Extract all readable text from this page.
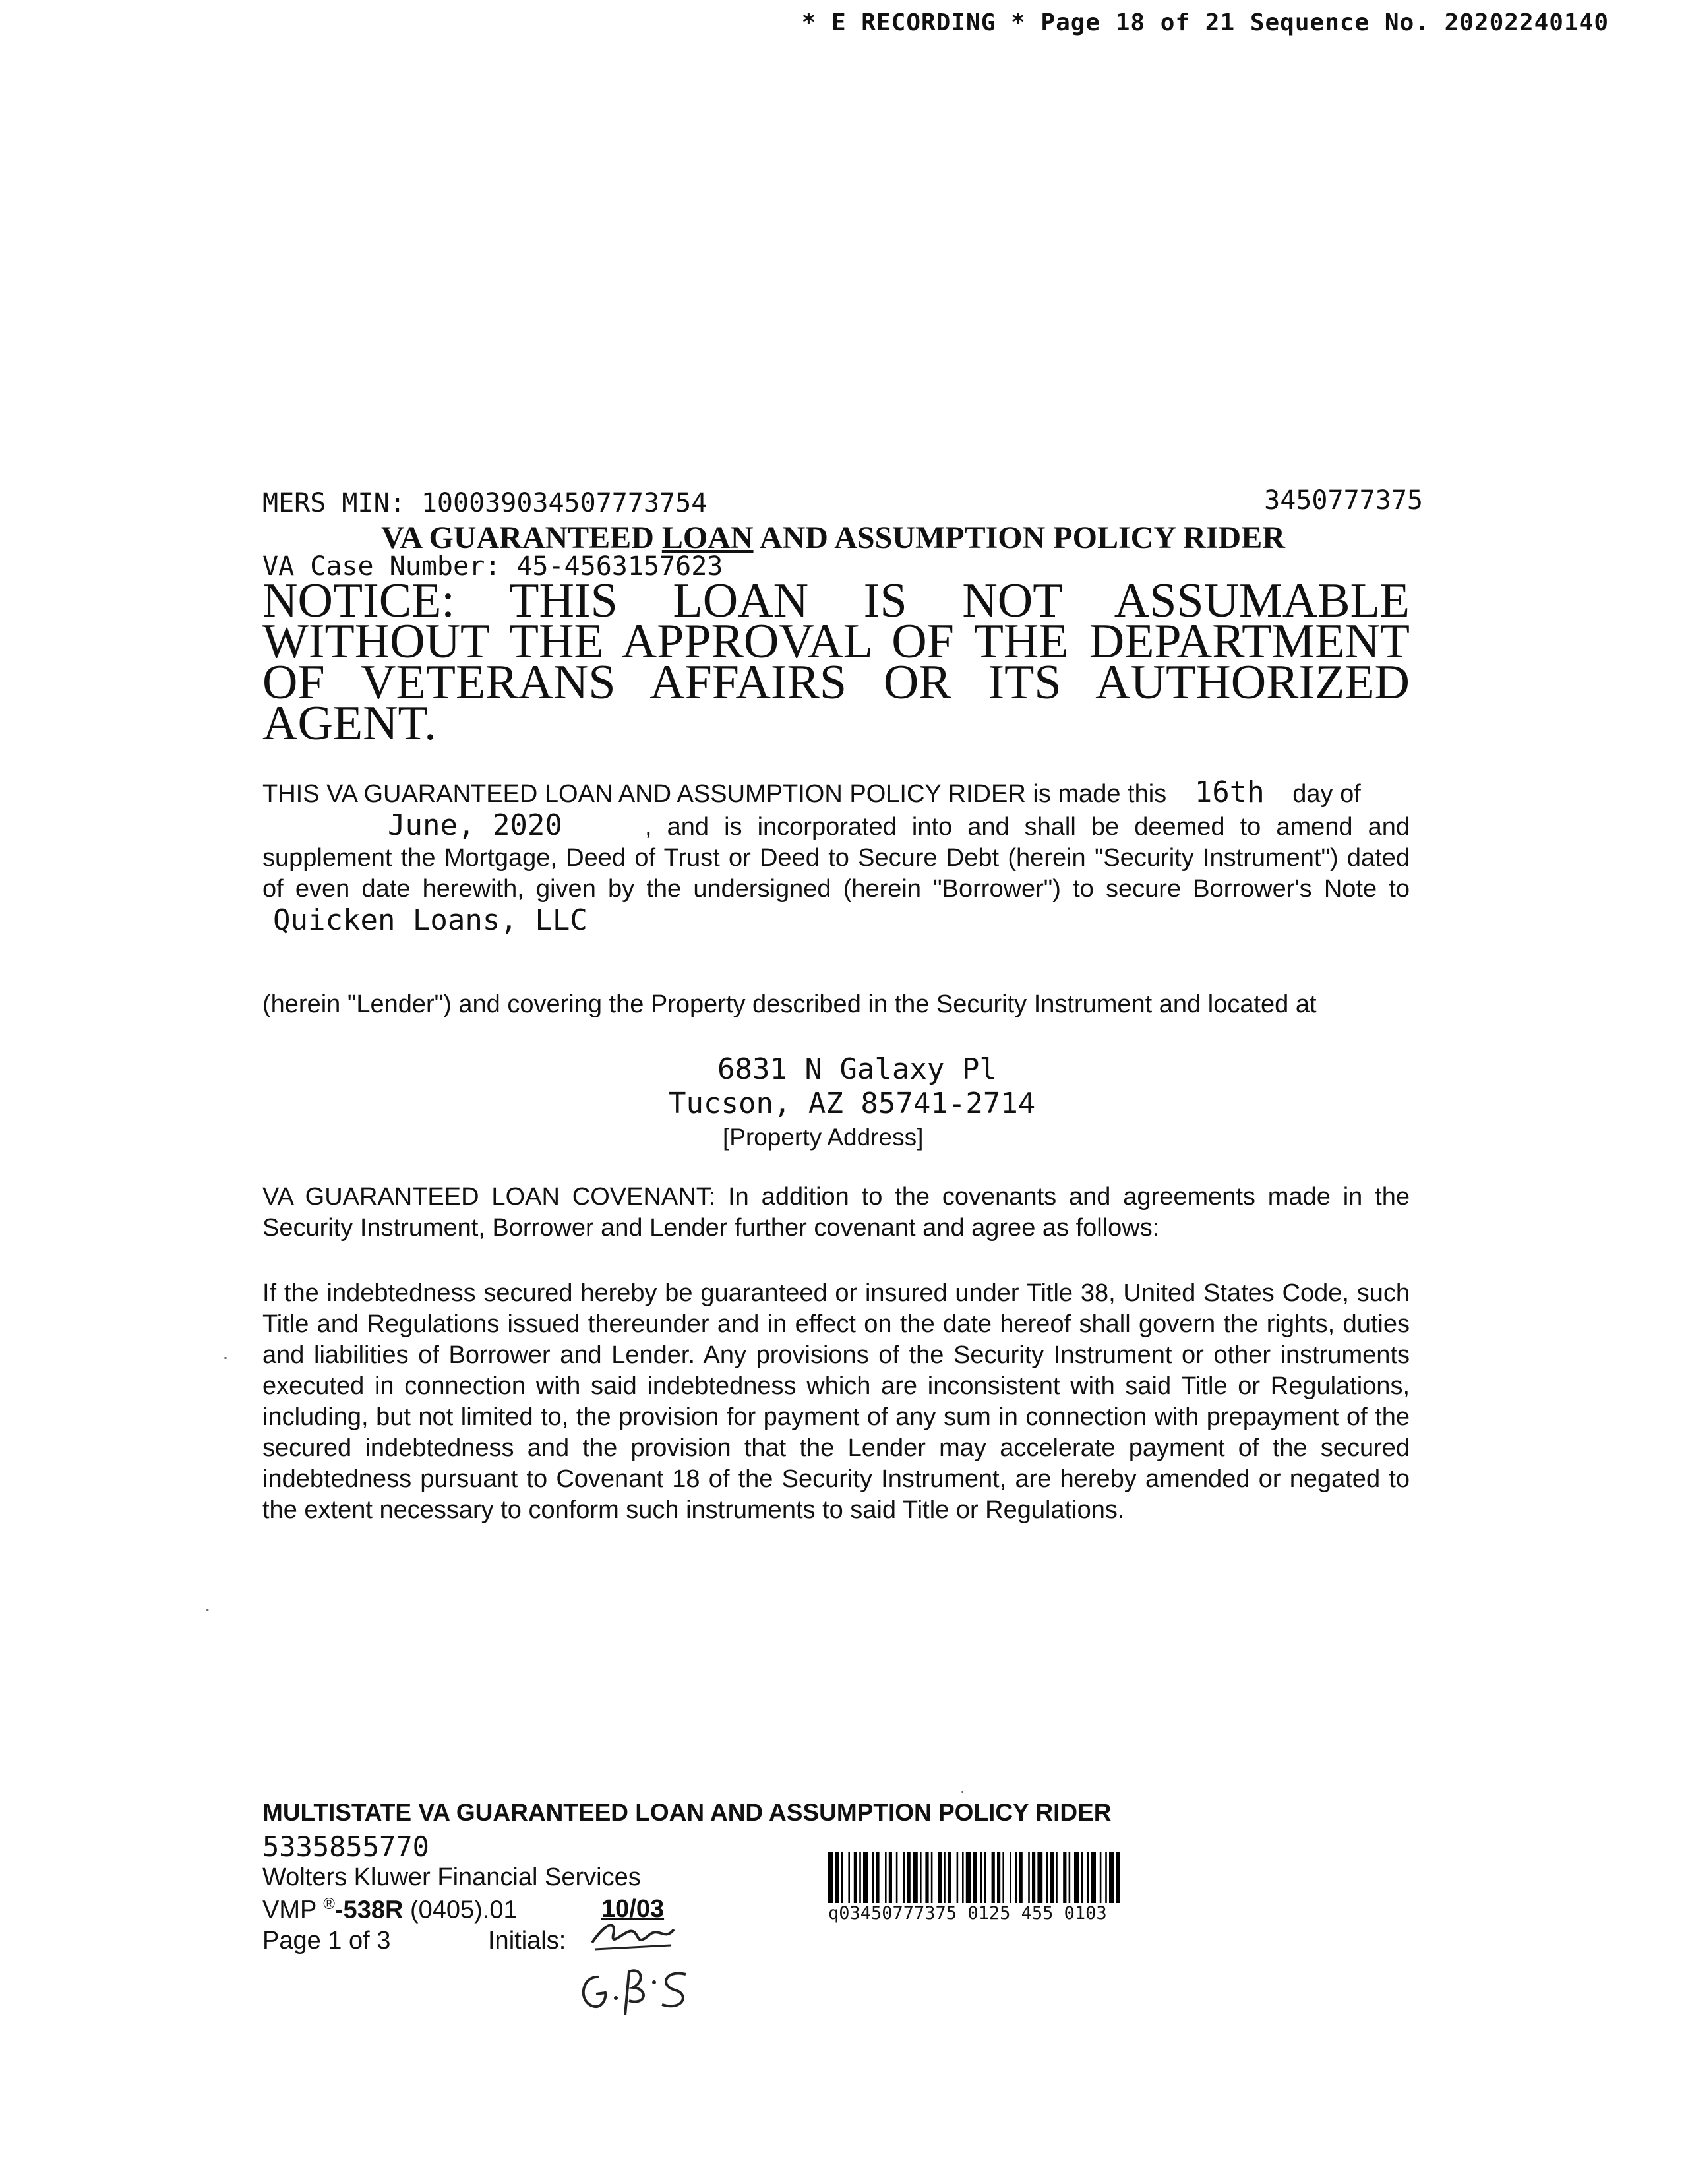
* E RECORDING * Page 18 of 21 Sequence No. 20202240140
MERS MIN: 100039034507773754	3450777375
VA GUARANTEED LOAN AND ASSUMPTION POLICY RIDER
VA Case Number: 45-4563157623
NOTICE: THIS LOAN IS NOT ASSUMABLE WITHOUT THE APPROVAL OF THE DEPARTMENT OF VETERANS AFFAIRS OR ITS AUTHORIZED AGENT.
THIS VA GUARANTEED LOAN AND ASSUMPTION POLICY RIDER is made this 16th day of
June, 2020	, and is incorporated into and shall be deemed to amend and supplement the Mortgage, Deed of Trust or Deed to Secure Debt (herein "Security Instrument") dated of even date herewith, given by the undersigned (herein "Borrower") to secure Borrower's Note to Quicken Loans, LLC
(herein "Lender") and covering the Property described in the Security Instrument and located at
6831 N Galaxy Pl
Tucson, AZ 85741-2714
[Property Address]
VA GUARANTEED LOAN COVENANT: In addition to the covenants and agreements made in the Security Instrument, Borrower and Lender further covenant and agree as follows:
If the indebtedness secured hereby be guaranteed or insured under Title 38, United States Code, such Title and Regulations issued thereunder and in effect on the date hereof shall govern the rights, duties and liabilities of Borrower and Lender. Any provisions of the Security Instrument or other instruments executed in connection with said indebtedness which are inconsistent with said Title or Regulations, including, but not limited to, the provision for payment of any sum in connection with prepayment of the secured indebtedness and the provision that the Lender may accelerate payment of the secured indebtedness pursuant to Covenant 18 of the Security Instrument, are hereby amended or negated to the extent necessary to conform such instruments to said Title or Regulations.
MULTISTATE VA GUARANTEED LOAN AND ASSUMPTION POLICY RIDER
5335855770
Wolters Kluwer Financial Services
VMP ®-538R (0405).01	10/03
Page 1 of 3	Initials:
q03450777375 0125 455 0103
